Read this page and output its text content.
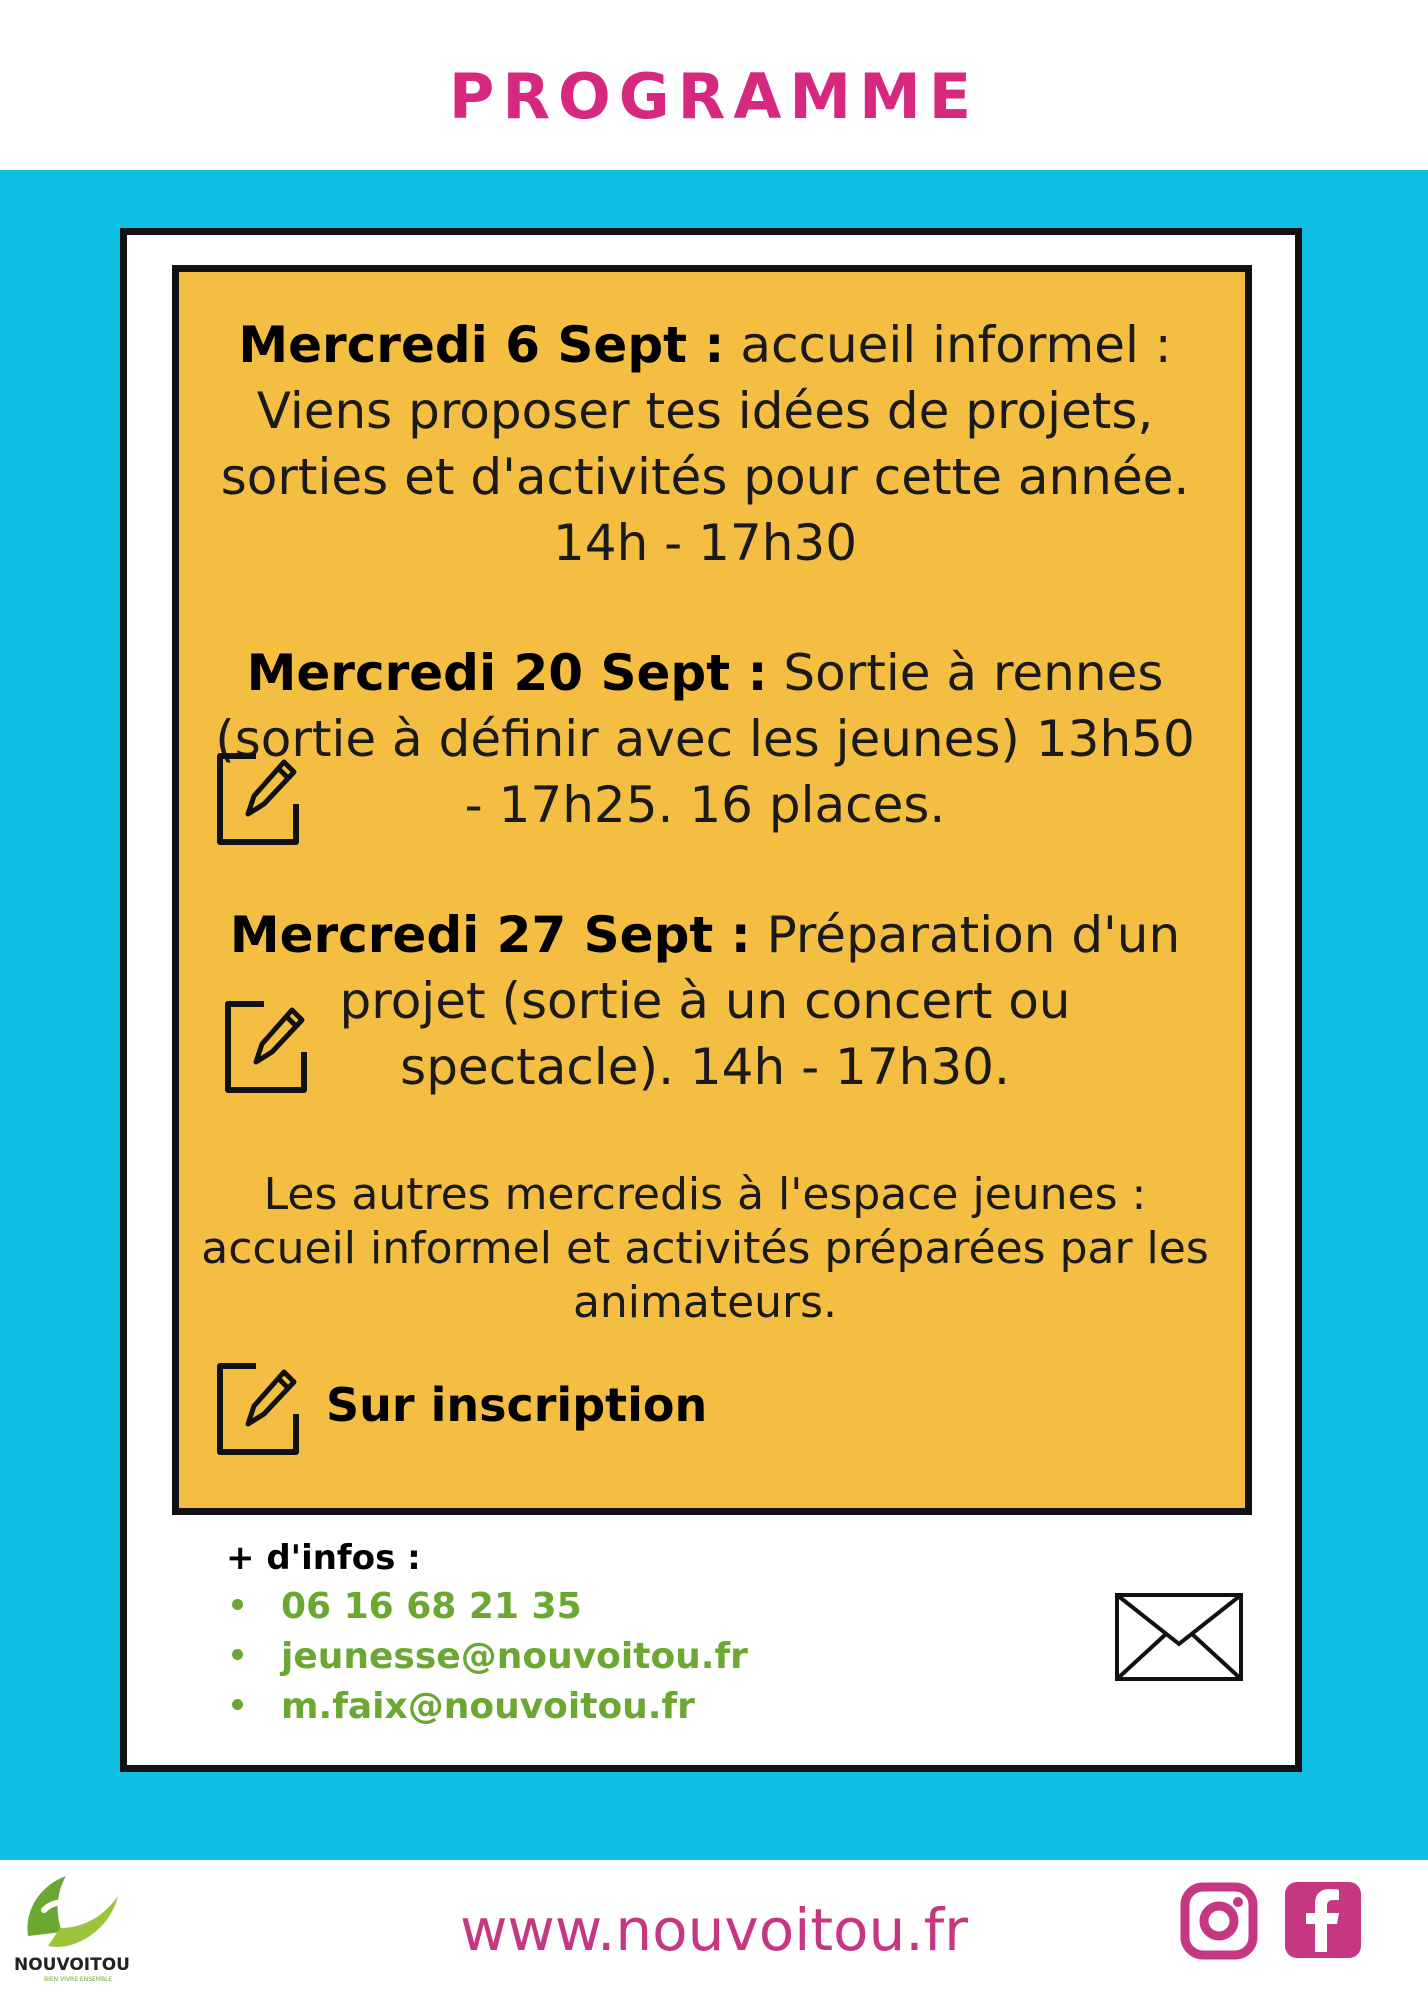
PROGRAMME
Mercredi 6 Sept : accueil informel : Viens proposer tes idées de projets, sorties et d'activités pour cette année. 14h - 17h30
Mercredi 20 Sept : Sortie à rennes (sortie à définir avec les jeunes) 13h50 - 17h25. 16 places.
Mercredi 27 Sept : Préparation d'un projet (sortie à un concert ou spectacle). 14h - 17h30.
Les autres mercredis à l'espace jeunes : accueil informel et activités préparées par les animateurs.
Sur inscription
+ d'infos :
06 16 68 21 35
jeunesse@nouvoitou.fr
m.faix@nouvoitou.fr
NOUVOITOU
BIEN VIVRE ENSEMBLE
www.nouvoitou.fr
